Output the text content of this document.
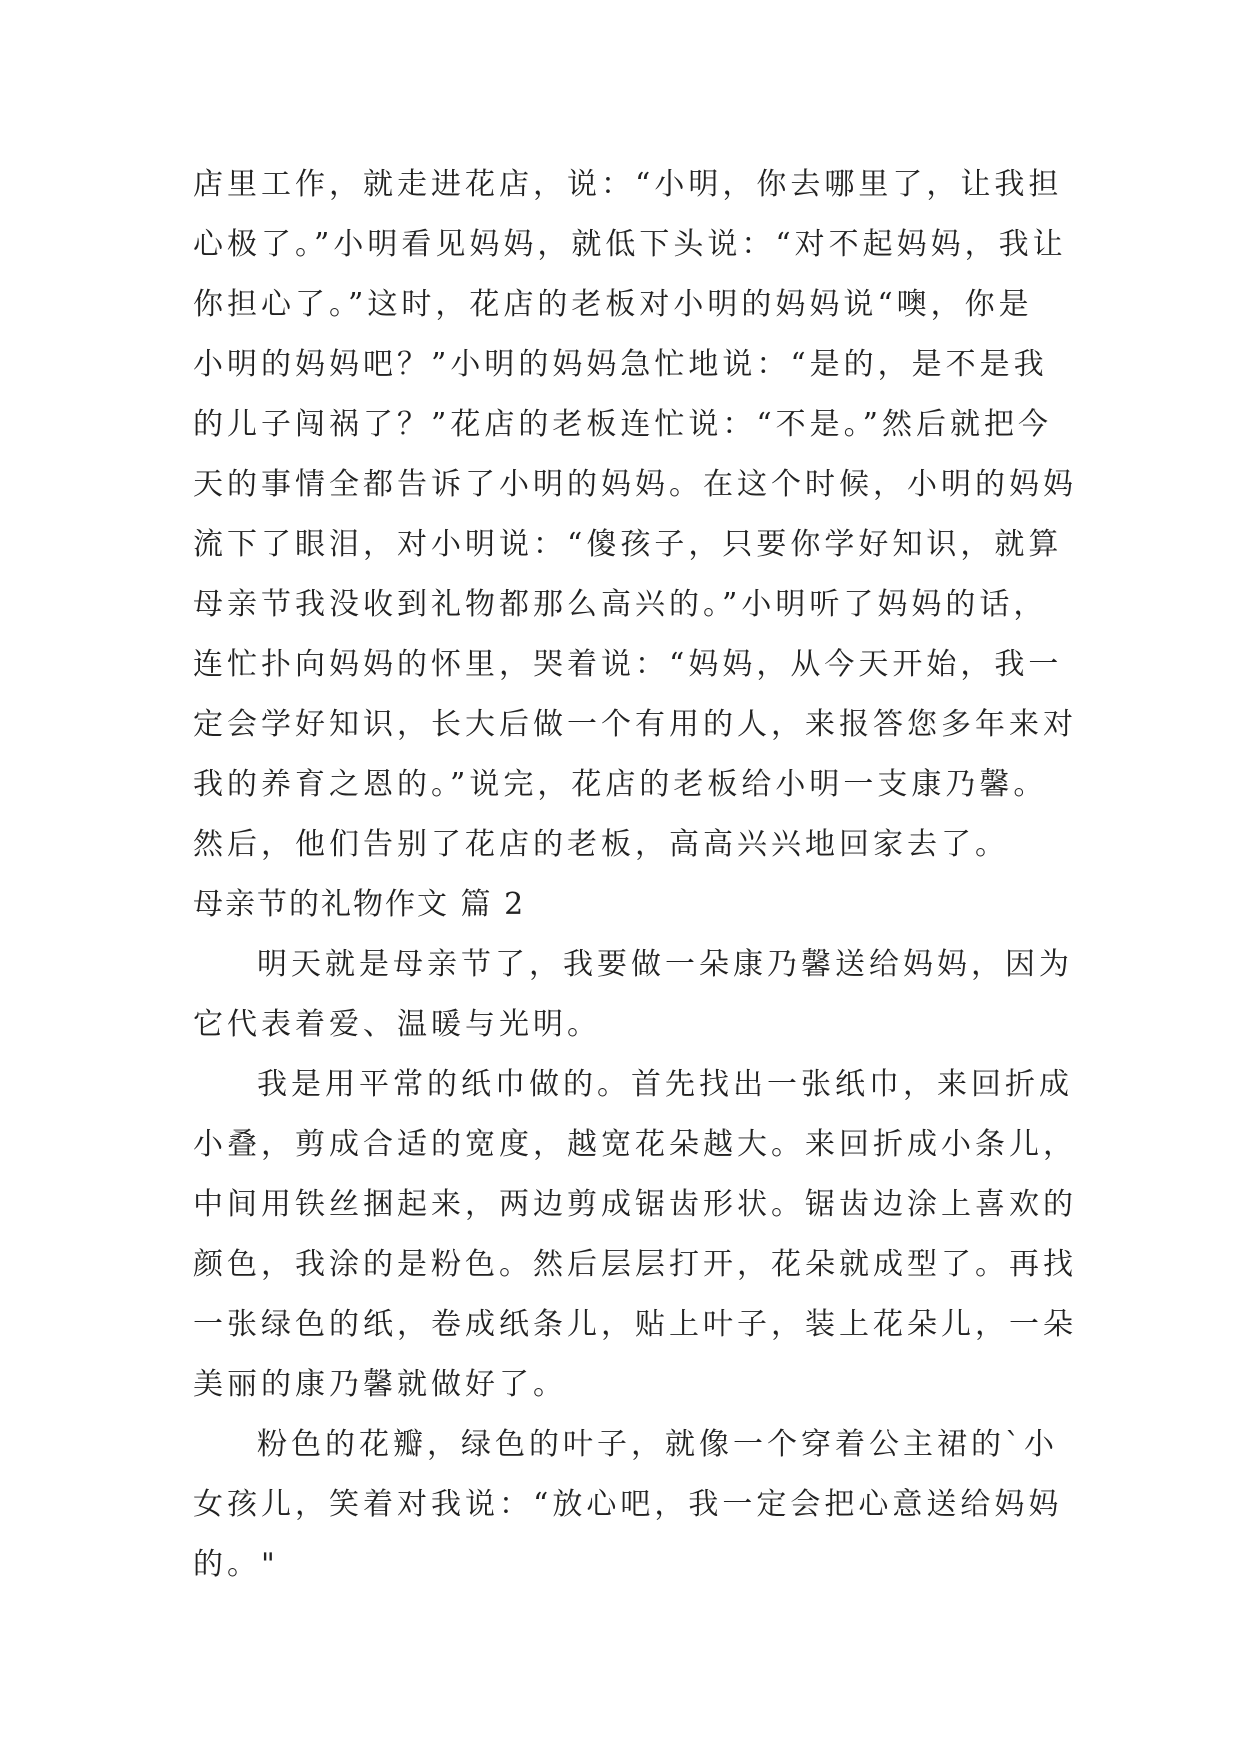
店里工作，就走进花店，说：“小明，你去哪里了，让我担
心极了。”小明看见妈妈，就低下头说：“对不起妈妈，我让
你担心了。”这时，花店的老板对小明的妈妈说“噢，你是
小明的妈妈吧？”小明的妈妈急忙地说：“是的，是不是我
的儿子闯祸了？”花店的老板连忙说：“不是。”然后就把今
天的事情全都告诉了小明的妈妈。在这个时候，小明的妈妈
流下了眼泪，对小明说：“傻孩子，只要你学好知识，就算
母亲节我没收到礼物都那么高兴的。”小明听了妈妈的话，
连忙扑向妈妈的怀里，哭着说：“妈妈，从今天开始，我一
定会学好知识，长大后做一个有用的人，来报答您多年来对
我的养育之恩的。”说完，花店的老板给小明一支康乃馨。
然后，他们告别了花店的老板，高高兴兴地回家去了。
母亲节的礼物作文 篇 2
明天就是母亲节了，我要做一朵康乃馨送给妈妈，因为
它代表着爱、温暖与光明。
我是用平常的纸巾做的。首先找出一张纸巾，来回折成
小叠，剪成合适的宽度，越宽花朵越大。来回折成小条儿，
中间用铁丝捆起来，两边剪成锯齿形状。锯齿边涂上喜欢的
颜色，我涂的是粉色。然后层层打开，花朵就成型了。再找
一张绿色的纸，卷成纸条儿，贴上叶子，装上花朵儿，一朵
美丽的康乃馨就做好了。
粉色的花瓣，绿色的叶子，就像一个穿着公主裙的`小
女孩儿，笑着对我说：“放心吧，我一定会把心意送给妈妈
的。"
